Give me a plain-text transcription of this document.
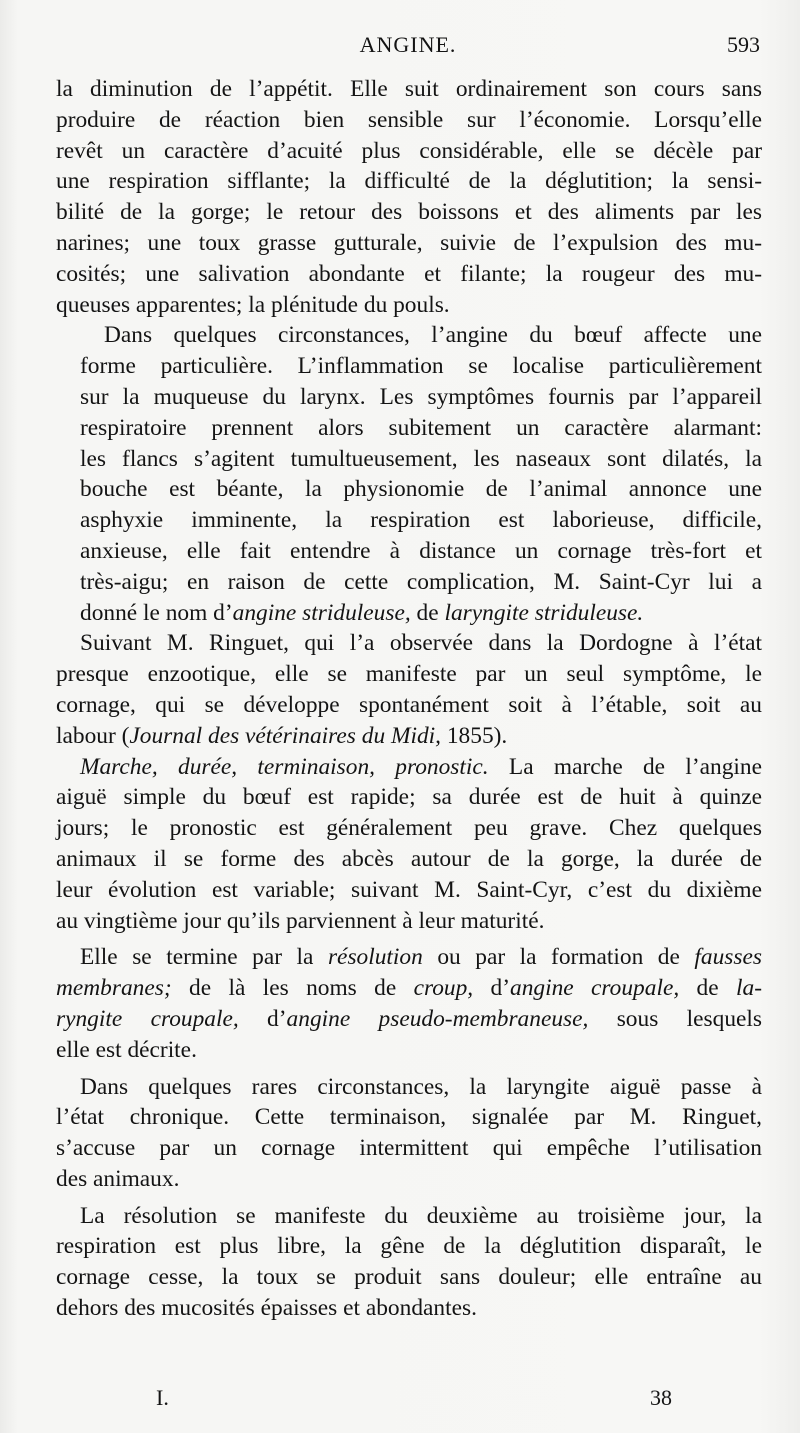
ANGINE.	593

la diminution de l’appétit. Elle suit ordinairement son cours sans
produire de réaction bien sensible sur l’économie. Lorsqu’elle
revêt un caractère d’acuité plus considérable, elle se décèle par
une respiration sifflante; la difficulté de la déglutition; la sensi-
bilité de la gorge; le retour des boissons et des aliments par les
narines; une toux grasse gutturale, suivie de l’expulsion des mu-
cosités; une salivation abondante et filante; la rougeur des mu-
queuses apparentes; la plénitude du pouls.

Dans quelques circonstances, l’angine du bœuf affecte une
forme particulière. L’inflammation se localise particulièrement
sur la muqueuse du larynx. Les symptômes fournis par l’appareil
respiratoire prennent alors subitement un caractère alarmant:
les flancs s’agitent tumultueusement, les naseaux sont dilatés, la
bouche est béante, la physionomie de l’animal annonce une
asphyxie imminente, la respiration est laborieuse, difficile,
anxieuse, elle fait entendre à distance un cornage très-fort et
très-aigu; en raison de cette complication, M. Saint-Cyr lui a
donné le nom d’angine striduleuse, de laryngite striduleuse.

Suivant M. Ringuet, qui l’a observée dans la Dordogne à l’état
presque enzootique, elle se manifeste par un seul symptôme, le
cornage, qui se développe spontanément soit à l’étable, soit au
labour (Journal des vétérinaires du Midi, 1855).

Marche, durée, terminaison, pronostic. La marche de l’angine
aiguë simple du bœuf est rapide; sa durée est de huit à quinze
jours; le pronostic est généralement peu grave. Chez quelques
animaux il se forme des abcès autour de la gorge, la durée de
leur évolution est variable; suivant M. Saint-Cyr, c’est du dixième
au vingtième jour qu’ils parviennent à leur maturité.

Elle se termine par la résolution ou par la formation de fausses
membranes; de là les noms de croup, d’angine croupale, de la-
ryngite croupale, d’angine pseudo-membraneuse, sous lesquels
elle est décrite.

Dans quelques rares circonstances, la laryngite aiguë passe à
l’état chronique. Cette terminaison, signalée par M. Ringuet,
s’accuse par un cornage intermittent qui empêche l’utilisation
des animaux.

La résolution se manifeste du deuxième au troisième jour, la
respiration est plus libre, la gêne de la déglutition disparaît, le
cornage cesse, la toux se produit sans douleur; elle entraîne au
dehors des mucosités épaisses et abondantes.

I.	38
